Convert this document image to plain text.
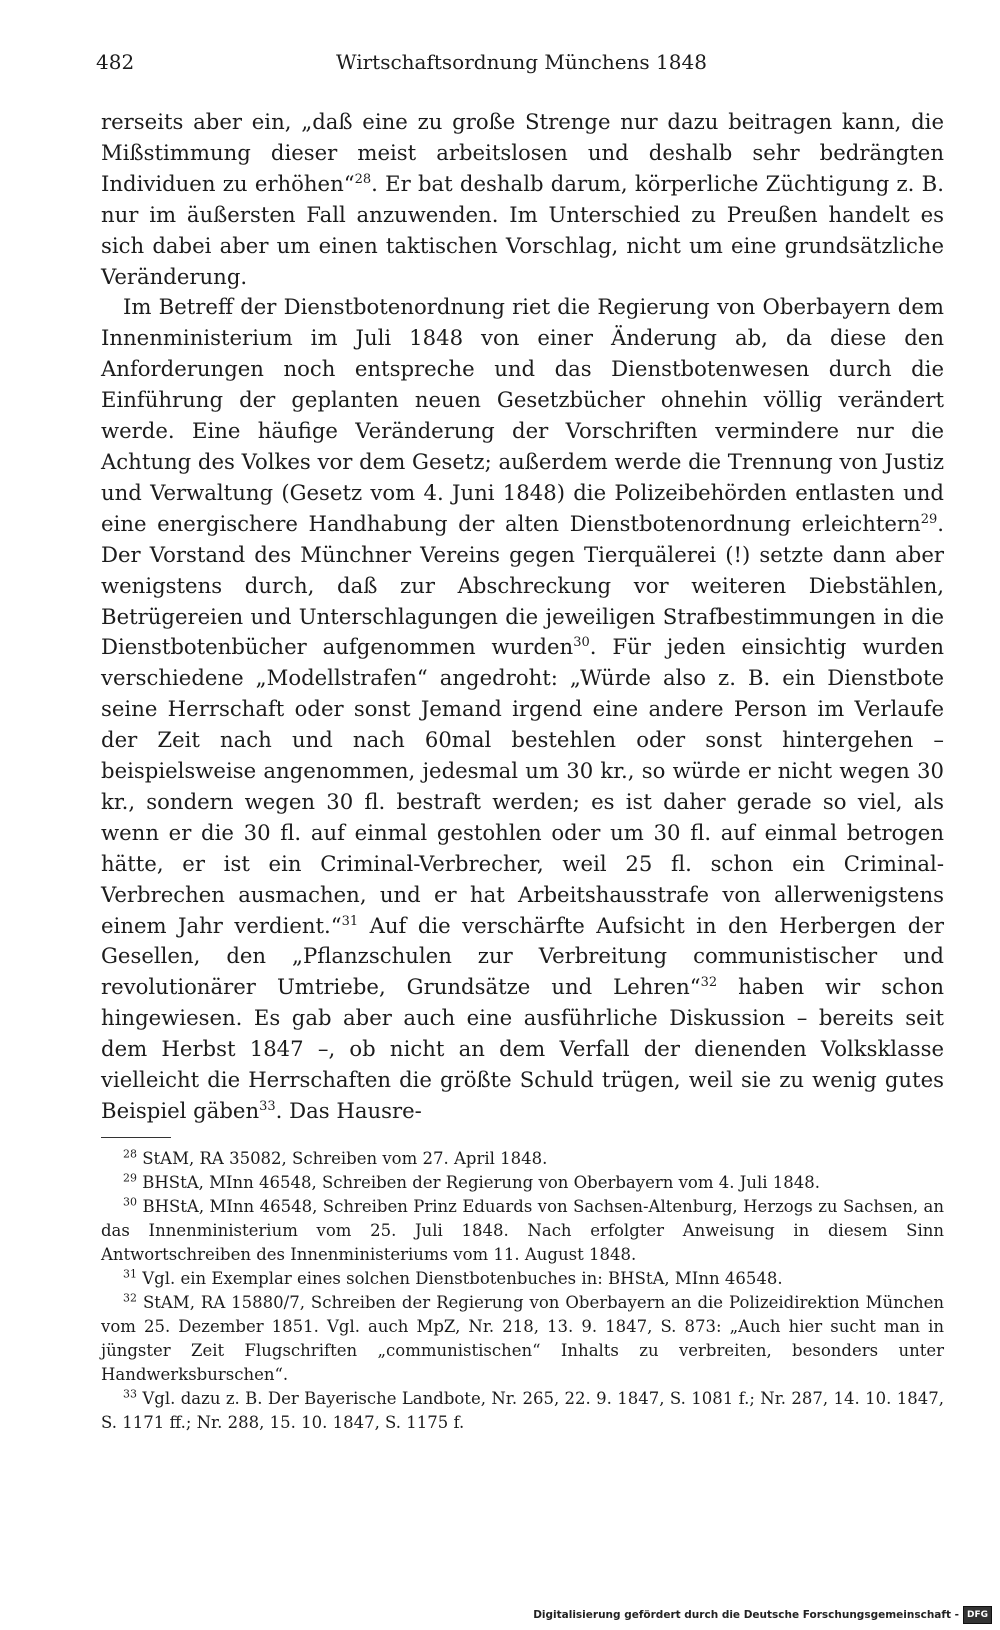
482	Wirtschaftsordnung Münchens 1848

rerseits aber ein, „daß eine zu große Strenge nur dazu beitragen kann, die Mißstimmung dieser meist arbeitslosen und deshalb sehr bedrängten Individuen zu erhöhen“$^{28}$. Er bat deshalb darum, körperliche Züchtigung z. B. nur im äußersten Fall anzuwenden. Im Unterschied zu Preußen handelt es sich dabei aber um einen taktischen Vorschlag, nicht um eine grundsätzliche Veränderung.

Im Betreff der Dienstbotenordnung riet die Regierung von Oberbayern dem Innenministerium im Juli 1848 von einer Änderung ab, da diese den Anforderungen noch entspreche und das Dienstbotenwesen durch die Einführung der geplanten neuen Gesetzbücher ohnehin völlig verändert werde. Eine häufige Veränderung der Vorschriften vermindere nur die Achtung des Volkes vor dem Gesetz; außerdem werde die Trennung von Justiz und Verwaltung (Gesetz vom 4. Juni 1848) die Polizeibehörden entlasten und eine energischere Handhabung der alten Dienstbotenordnung erleichtern$^{29}$. Der Vorstand des Münchner Vereins gegen Tierquälerei (!) setzte dann aber wenigstens durch, daß zur Abschreckung vor weiteren Diebstählen, Betrügereien und Unterschlagungen die jeweiligen Strafbestimmungen in die Dienstbotenbücher aufgenommen wurden$^{30}$. Für jeden einsichtig wurden verschiedene „Modellstrafen“ angedroht: „Würde also z. B. ein Dienstbote seine Herrschaft oder sonst Jemand irgend eine andere Person im Verlaufe der Zeit nach und nach 60mal bestehlen oder sonst hintergehen – beispielsweise angenommen, jedesmal um 30 kr., so würde er nicht wegen 30 kr., sondern wegen 30 fl. bestraft werden; es ist daher gerade so viel, als wenn er die 30 fl. auf einmal gestohlen oder um 30 fl. auf einmal betrogen hätte, er ist ein Criminal-Verbrecher, weil 25 fl. schon ein Criminal-Verbrechen ausmachen, und er hat Arbeitshausstrafe von allerwenigstens einem Jahr verdient.“$^{31}$ Auf die verschärfte Aufsicht in den Herbergen der Gesellen, den „Pflanzschulen zur Verbreitung communistischer und revolutionärer Umtriebe, Grundsätze und Lehren“$^{32}$ haben wir schon hingewiesen. Es gab aber auch eine ausführliche Diskussion – bereits seit dem Herbst 1847 –, ob nicht an dem Verfall der dienenden Volksklasse vielleicht die Herrschaften die größte Schuld trügen, weil sie zu wenig gutes Beispiel gäben$^{33}$. Das Hausre-

$^{28}$ StAM, RA 35082, Schreiben vom 27. April 1848.

$^{29}$ BHStA, MInn 46548, Schreiben der Regierung von Oberbayern vom 4. Juli 1848.

$^{30}$ BHStA, MInn 46548, Schreiben Prinz Eduards von Sachsen-Altenburg, Herzogs zu Sachsen, an das Innenministerium vom 25. Juli 1848. Nach erfolgter Anweisung in diesem Sinn Antwortschreiben des Innenministeriums vom 11. August 1848.

$^{31}$ Vgl. ein Exemplar eines solchen Dienstbotenbuches in: BHStA, MInn 46548.

$^{32}$ StAM, RA 15880/7, Schreiben der Regierung von Oberbayern an die Polizeidirektion München vom 25. Dezember 1851. Vgl. auch MpZ, Nr. 218, 13. 9. 1847, S. 873: „Auch hier sucht man in jüngster Zeit Flugschriften „communistischen“ Inhalts zu verbreiten, besonders unter Handwerksburschen“.

$^{33}$ Vgl. dazu z. B. Der Bayerische Landbote, Nr. 265, 22. 9. 1847, S. 1081 f.; Nr. 287, 14. 10. 1847, S. 1171 ff.; Nr. 288, 15. 10. 1847, S. 1175 f.

Digitalisierung gefördert durch die Deutsche Forschungsgemeinschaft - DFG
